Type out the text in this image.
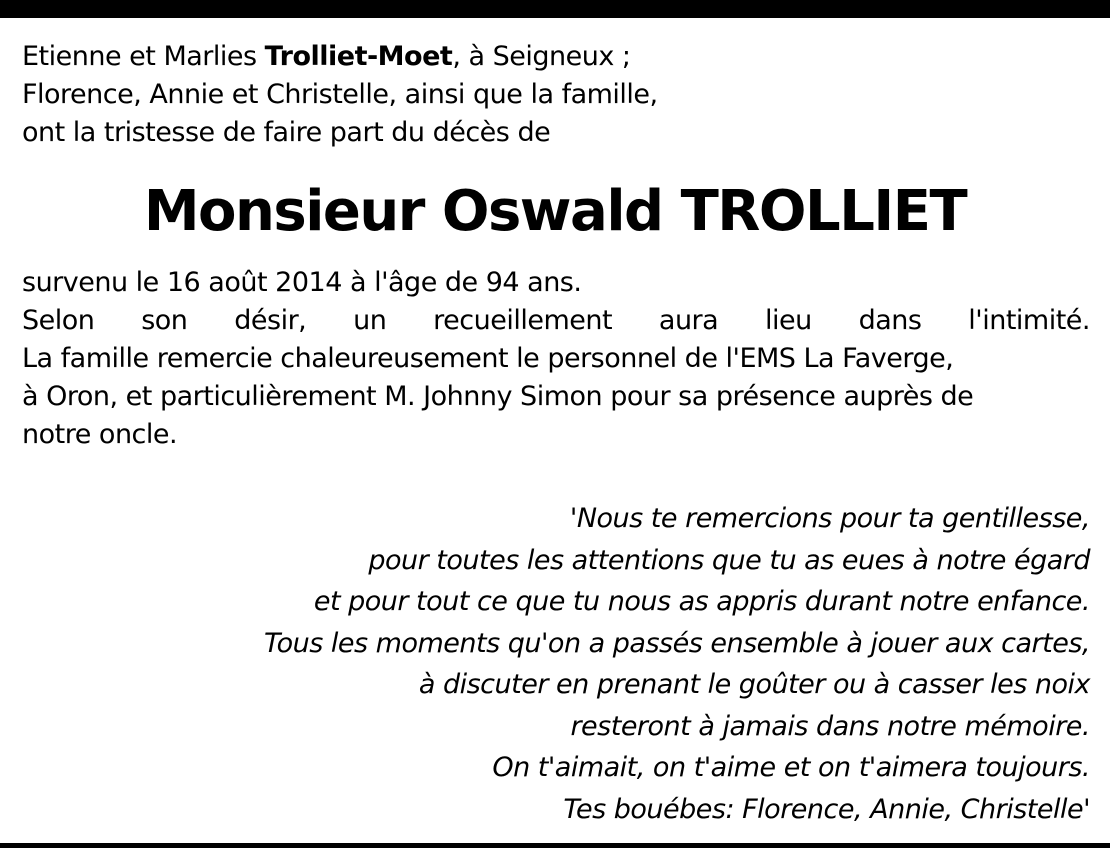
Etienne et Marlies Trolliet-Moet, à Seigneux ;
Florence, Annie et Christelle, ainsi que la famille,
ont la tristesse de faire part du décès de
Monsieur Oswald TROLLIET
survenu le 16 août 2014 à l'âge de 94 ans.
Selon son désir, un recueillement aura lieu dans l'intimité.
La famille remercie chaleureusement le personnel de l'EMS La Faverge,
à Oron, et particulièrement M. Johnny Simon pour sa présence auprès de
notre oncle.
'Nous te remercions pour ta gentillesse,
pour toutes les attentions que tu as eues à notre égard
et pour tout ce que tu nous as appris durant notre enfance.
Tous les moments qu'on a passés ensemble à jouer aux cartes,
à discuter en prenant le goûter ou à casser les noix
resteront à jamais dans notre mémoire.
On t'aimait, on t'aime et on t'aimera toujours.
Tes bouébes: Florence, Annie, Christelle'
